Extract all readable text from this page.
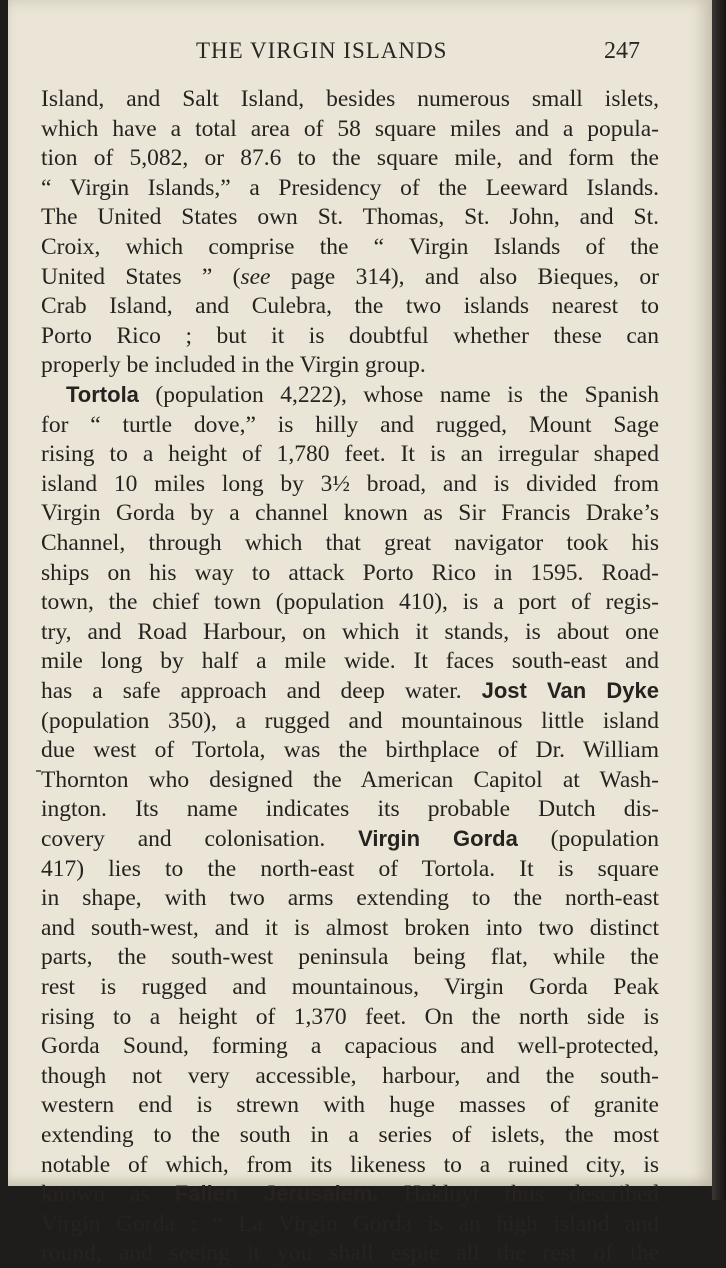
THE VIRGIN ISLANDS	247
Island, and Salt Island, besides numerous small islets,
which have a total area of 58 square miles and a popula-
tion of 5,082, or 87.6 to the square mile, and form the
“ Virgin Islands,” a Presidency of the Leeward Islands.
The United States own St. Thomas, St. John, and St.
Croix, which comprise the “ Virgin Islands of the
United States ” (see page 314), and also Bieques, or
Crab Island, and Culebra, the two islands nearest to
Porto Rico ; but it is doubtful whether these can
properly be included in the Virgin group.
Tortola (population 4,222), whose name is the Spanish
for “ turtle dove,” is hilly and rugged, Mount Sage
rising to a height of 1,780 feet. It is an irregular shaped
island 10 miles long by 3½ broad, and is divided from
Virgin Gorda by a channel known as Sir Francis Drake’s
Channel, through which that great navigator took his
ships on his way to attack Porto Rico in 1595. Road-
town, the chief town (population 410), is a port of regis-
try, and Road Harbour, on which it stands, is about one
mile long by half a mile wide. It faces south-east and
has a safe approach and deep water. Jost Van Dyke
(population 350), a rugged and mountainous little island
due west of Tortola, was the birthplace of Dr. William
Thornton who designed the American Capitol at Wash-
ington. Its name indicates its probable Dutch dis-
covery and colonisation. Virgin Gorda (population
417) lies to the north-east of Tortola. It is square
in shape, with two arms extending to the north-east
and south-west, and it is almost broken into two distinct
parts, the south-west peninsula being flat, while the
rest is rugged and mountainous, Virgin Gorda Peak
rising to a height of 1,370 feet. On the north side is
Gorda Sound, forming a capacious and well-protected,
though not very accessible, harbour, and the south-
western end is strewn with huge masses of granite
extending to the south in a series of islets, the most
notable of which, from its likeness to a ruined city, is
known as Fallen Jerusalem. Hakluyt thus described
Virgin Gorda : “ La Virgin Gorda is an high island and
round, and seeing it you shall espie all the rest of the
